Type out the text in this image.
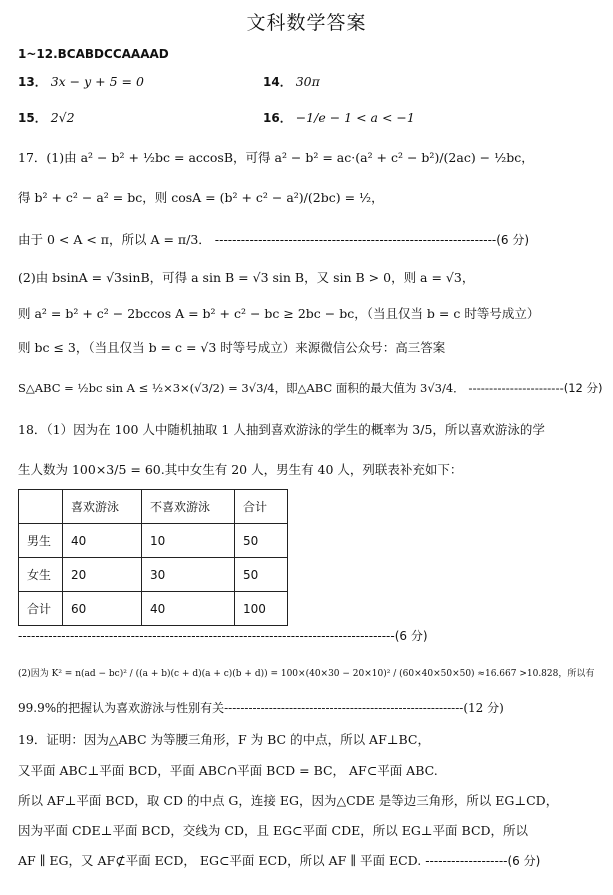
文科数学答案
1~12.BCABDCCAAAAD
13． 3x − y + 5 = 0	14． 30π
15． 2√2	16． −1/e − 1 < a < −1
17．(1)由 a² − b² + ½bc = accosB，可得 a² − b² = ac·(a² + c² − b²)/(2ac) − ½bc，
得 b² + c² − a² = bc，则 cosA = (b² + c² − a²)/(2bc) = ½，
由于 0 < A < π，所以 A = π/3． -----------------------------------------------------------------(6 分)
(2)由 bsinA = √3sinB，可得 a sin B = √3 sin B，又 sin B > 0，则 a = √3，
则 a² = b² + c² − 2bccos A = b² + c² − bc ≥ 2bc − bc，（当且仅当 b = c 时等号成立）
则 bc ≤ 3，（当且仅当 b = c = √3 时等号成立）来源微信公众号：高三答案
S△ABC = ½bc sin A ≤ ½×3×(√3/2) = 3√3/4，即△ABC 面积的最大值为 3√3/4． -----------------------(12 分)
18．（1）因为在 100 人中随机抽取 1 人抽到喜欢游泳的学生的概率为 3/5，所以喜欢游泳的学
生人数为 100×3/5 = 60.其中女生有 20 人，男生有 40 人，列联表补充如下：
	喜欢游泳	不喜欢游泳	合计
男生	40	10	50
女生	20	30	50
合计	60	40	100
---------------------------------------------------------------------------------------(6 分)
(2)因为 K² = n(ad − bc)² / ((a + b)(c + d)(a + c)(b + d)) = 100×(40×30 − 20×10)² / (60×40×50×50) ≈16.667 >10.828，所以有
99.9%的把握认为喜欢游泳与性别有关-----------------------------------------------------------(12 分)
19．证明：因为△ABC 为等腰三角形，F 为 BC 的中点，所以 AF⊥BC，
又平面 ABC⊥平面 BCD，平面 ABC∩平面 BCD = BC， AF⊂平面 ABC.
所以 AF⊥平面 BCD，取 CD 的中点 G，连接 EG，因为△CDE 是等边三角形，所以 EG⊥CD，
因为平面 CDE⊥平面 BCD，交线为 CD，且 EG⊂平面 CDE，所以 EG⊥平面 BCD，所以
AF ∥ EG，又 AF⊄平面 ECD， EG⊂平面 ECD，所以 AF ∥ 平面 ECD. -------------------(6 分)
